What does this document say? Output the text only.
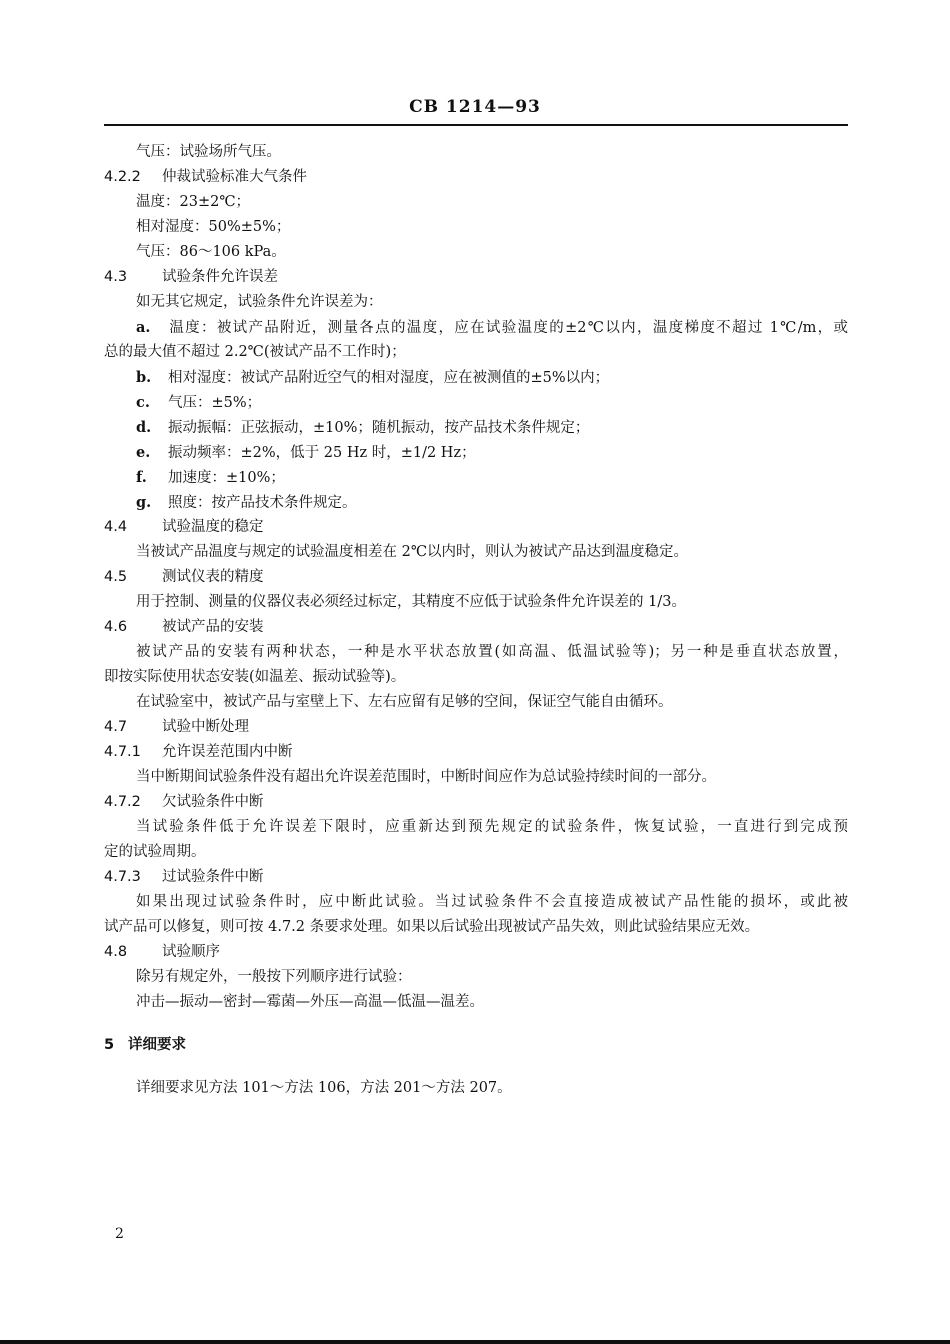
CB 1214—93
气压：试验场所气压。
4.2.2 仲裁试验标准大气条件
温度：23±2℃；
相对湿度：50%±5%；
气压：86～106 kPa。
4.3 试验条件允许误差
如无其它规定，试验条件允许误差为：
a. 温度：被试产品附近，测量各点的温度，应在试验温度的±2℃以内，温度梯度不超过 1℃/m，或
总的最大值不超过 2.2℃(被试产品不工作时)；
b. 相对湿度：被试产品附近空气的相对湿度，应在被测值的±5%以内；
c. 气压：±5%；
d. 振动振幅：正弦振动，±10%；随机振动，按产品技术条件规定；
e. 振动频率：±2%，低于 25 Hz 时，±1/2 Hz；
f. 加速度：±10%；
g. 照度：按产品技术条件规定。
4.4 试验温度的稳定
当被试产品温度与规定的试验温度相差在 2℃以内时，则认为被试产品达到温度稳定。
4.5 测试仪表的精度
用于控制、测量的仪器仪表必须经过标定，其精度不应低于试验条件允许误差的 1/3。
4.6 被试产品的安装
被试产品的安装有两种状态，一种是水平状态放置(如高温、低温试验等)；另一种是垂直状态放置，
即按实际使用状态安装(如温差、振动试验等)。
在试验室中，被试产品与室壁上下、左右应留有足够的空间，保证空气能自由循环。
4.7 试验中断处理
4.7.1 允许误差范围内中断
当中断期间试验条件没有超出允许误差范围时，中断时间应作为总试验持续时间的一部分。
4.7.2 欠试验条件中断
当试验条件低于允许误差下限时，应重新达到预先规定的试验条件，恢复试验，一直进行到完成预
定的试验周期。
4.7.3 过试验条件中断
如果出现过试验条件时，应中断此试验。当过试验条件不会直接造成被试产品性能的损坏，或此被
试产品可以修复，则可按 4.7.2 条要求处理。如果以后试验出现被试产品失效，则此试验结果应无效。
4.8 试验顺序
除另有规定外，一般按下列顺序进行试验：
冲击—振动—密封—霉菌—外压—高温—低温—温差。
5 详细要求
详细要求见方法 101～方法 106，方法 201～方法 207。
2
